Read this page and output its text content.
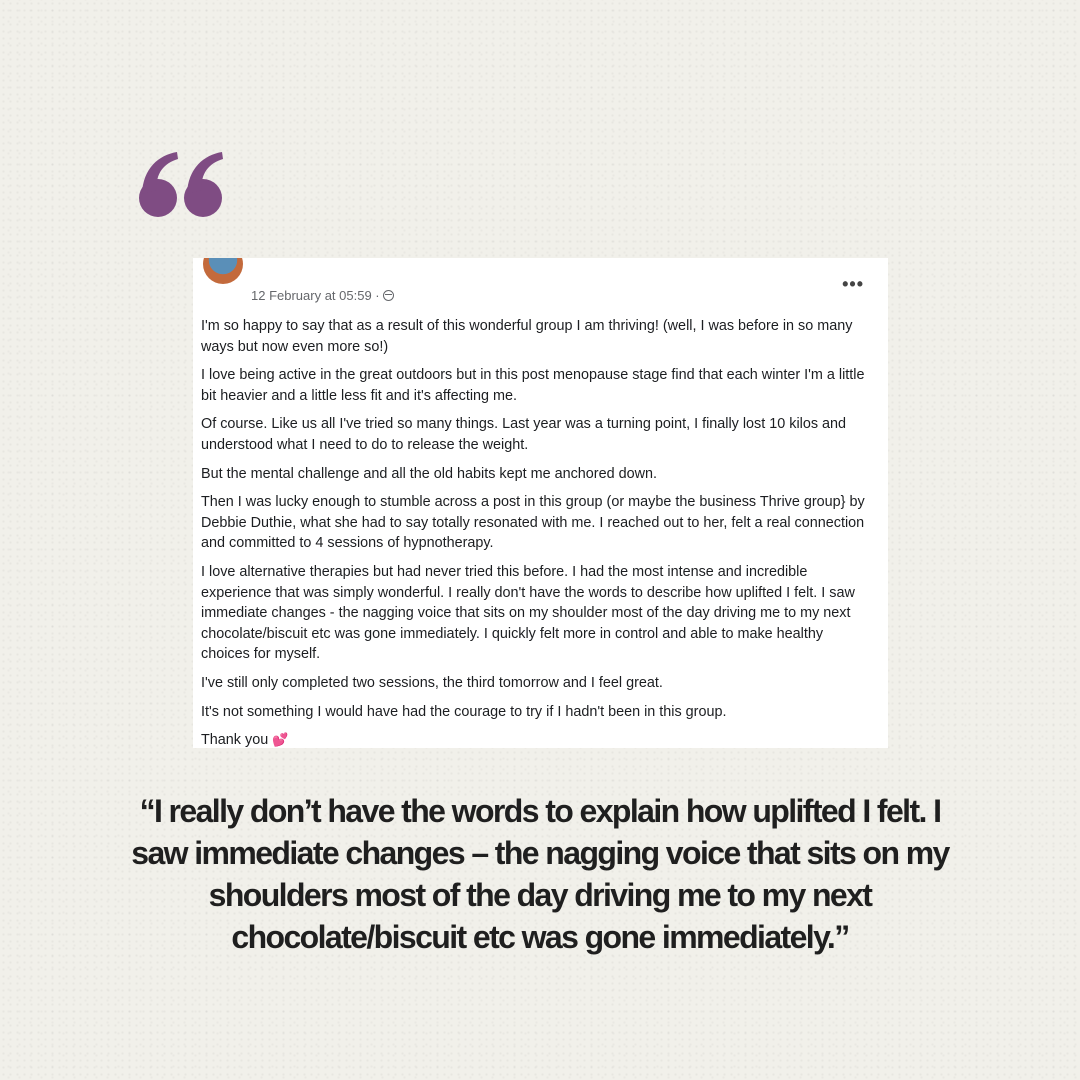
12 February at 05:59 ·
•••

I'm so happy to say that as a result of this wonderful group I am thriving! (well, I was before in so many ways but now even more so!)

I love being active in the great outdoors but in this post menopause stage find that each winter I'm a little bit heavier and a little less fit and it's affecting me.

Of course. Like us all I've tried so many things. Last year was a turning point, I finally lost 10 kilos and understood what I need to do to release the weight.

But the mental challenge and all the old habits kept me anchored down.

Then I was lucky enough to stumble across a post in this group (or maybe the business Thrive group} by Debbie Duthie, what she had to say totally resonated with me. I reached out to her, felt a real connection and committed to 4 sessions of hypnotherapy.

I love alternative therapies but had never tried this before. I had the most intense and incredible experience that was simply wonderful. I really don't have the words to describe how uplifted I felt. I saw immediate changes - the nagging voice that sits on my shoulder most of the day driving me to my next chocolate/biscuit etc was gone immediately. I quickly felt more in control and able to make healthy choices for myself.

I've still only completed two sessions, the third tomorrow and I feel great.

It's not something I would have had the courage to try if I hadn't been in this group.

Thank you 💕

“I really don’t have the words to explain how uplifted I felt. I saw immediate changes – the nagging voice that sits on my shoulders most of the day driving me to my next chocolate/biscuit etc was gone immediately.”
